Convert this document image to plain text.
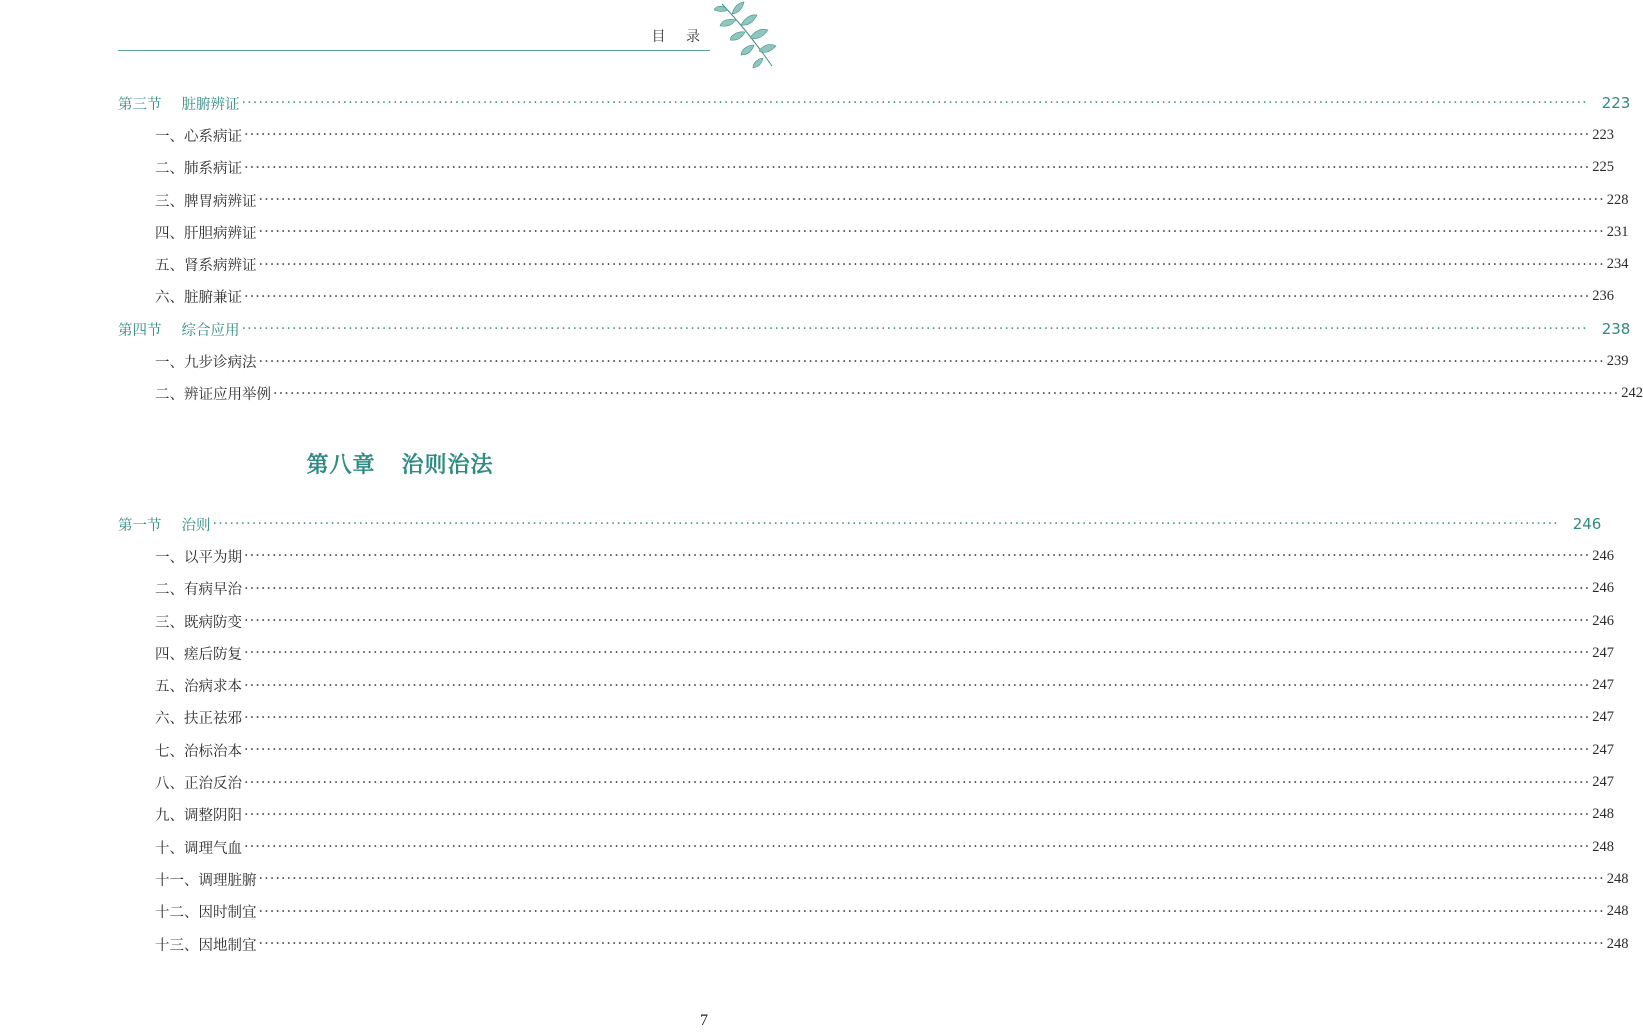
目 录
第三节 脏腑辨证 ················································································································································································································································ 223
一、心系病证 ················································································································································································································································ 223
二、肺系病证 ················································································································································································································································ 225
三、脾胃病辨证 ················································································································································································································································ 228
四、肝胆病辨证 ················································································································································································································································ 231
五、肾系病辨证 ················································································································································································································································ 234
六、脏腑兼证 ················································································································································································································································ 236
第四节 综合应用 ················································································································································································································································ 238
一、九步诊病法 ················································································································································································································································ 239
二、辨证应用举例 ················································································································································································································································ 242
第八章 治则治法
第一节 治则 ················································································································································································································································ 246
一、以平为期 ················································································································································································································································ 246
二、有病早治 ················································································································································································································································ 246
三、既病防变 ················································································································································································································································ 246
四、瘥后防复 ················································································································································································································································ 247
五、治病求本 ················································································································································································································································ 247
六、扶正祛邪 ················································································································································································································································ 247
七、治标治本 ················································································································································································································································ 247
八、正治反治 ················································································································································································································································ 247
九、调整阴阳 ················································································································································································································································ 248
十、调理气血 ················································································································································································································································ 248
十一、调理脏腑 ················································································································································································································································ 248
十二、因时制宜 ················································································································································································································································ 248
十三、因地制宜 ················································································································································································································································ 248
7
